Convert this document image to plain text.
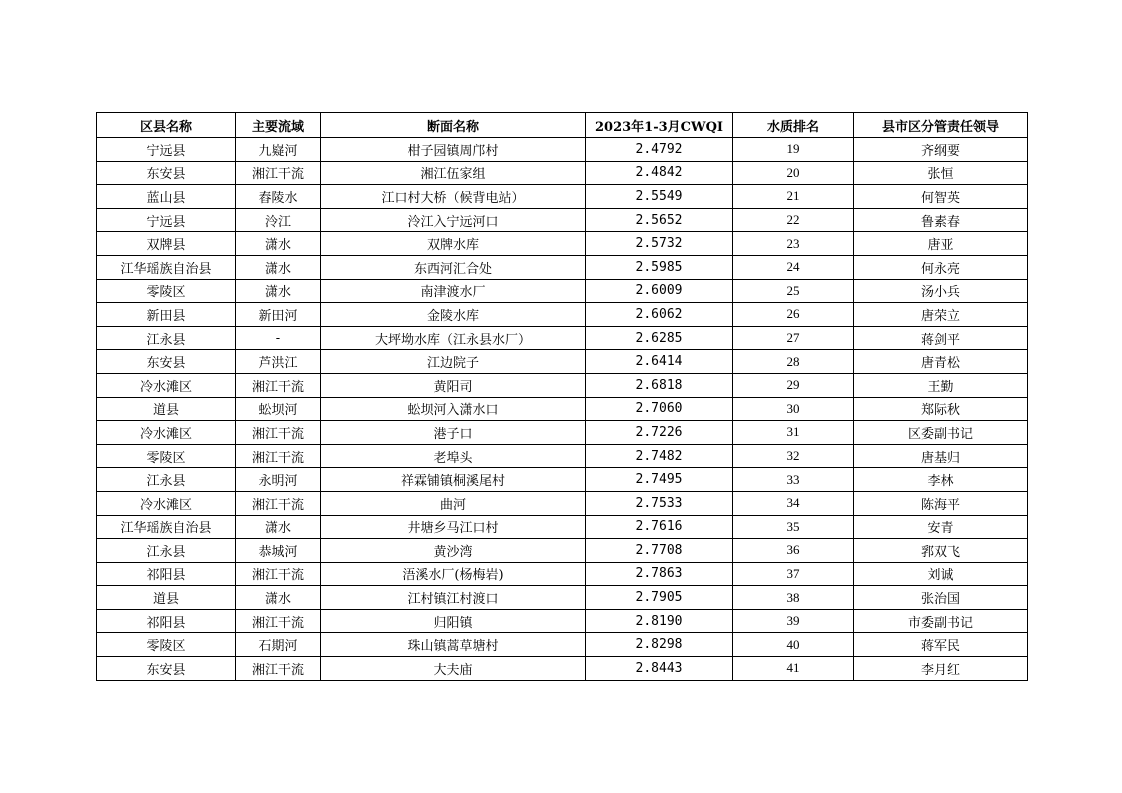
区县名称	主要流域	断面名称	2023年1-3月CWQI	水质排名	县市区分管责任领导
宁远县	九嶷河	柑子园镇周邝村	2.4792	19	齐纲要
东安县	湘江干流	湘江伍家组	2.4842	20	张恒
蓝山县	舂陵水	江口村大桥（候背电站）	2.5549	21	何智英
宁远县	泠江	泠江入宁远河口	2.5652	22	鲁素春
双牌县	潇水	双牌水库	2.5732	23	唐亚
江华瑶族自治县	潇水	东西河汇合处	2.5985	24	何永亮
零陵区	潇水	南津渡水厂	2.6009	25	汤小兵
新田县	新田河	金陵水库	2.6062	26	唐荣立
江永县	-	大坪坳水库（江永县水厂）	2.6285	27	蒋剑平
东安县	芦洪江	江边院子	2.6414	28	唐青松
冷水滩区	湘江干流	黄阳司	2.6818	29	王勤
道县	蚣坝河	蚣坝河入潇水口	2.7060	30	郑际秋
冷水滩区	湘江干流	港子口	2.7226	31	区委副书记
零陵区	湘江干流	老埠头	2.7482	32	唐基归
江永县	永明河	祥霖铺镇桐溪尾村	2.7495	33	李林
冷水滩区	湘江干流	曲河	2.7533	34	陈海平
江华瑶族自治县	潇水	井塘乡马江口村	2.7616	35	安青
江永县	恭城河	黄沙湾	2.7708	36	郛双飞
祁阳县	湘江干流	浯溪水厂(杨梅岩)	2.7863	37	刘诚
道县	潇水	江村镇江村渡口	2.7905	38	张治国
祁阳县	湘江干流	归阳镇	2.8190	39	市委副书记
零陵区	石期河	珠山镇蒿草塘村	2.8298	40	蒋军民
东安县	湘江干流	大夫庙	2.8443	41	李月红
